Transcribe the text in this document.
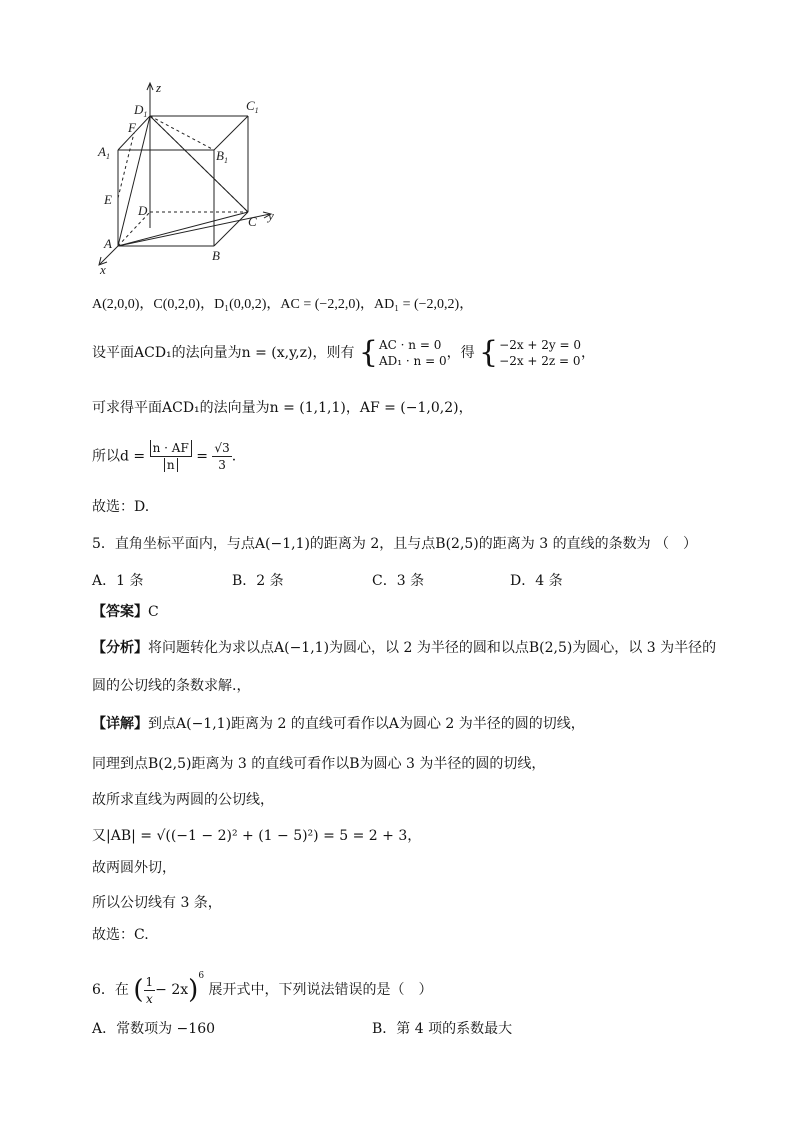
z
y
x
$D_1$
$C_1$
F
$A_1$	$B_1$
E
D
C
A
B
A(2,0,0)，C(0,2,0)，D₁(0,0,2)，AC = (−2,2,0)，AD₁ = (−2,0,2)，
设平面ACD₁的法向量为n = (x,y,z)，则有 { AC · n = 0
AD₁ · n = 0 ，得 { −2x + 2y = 0
−2x + 2z = 0 ，
可求得平面ACD₁的法向量为n = (1,1,1)，AF = (−1,0,2)，
所以$d = \frac{n \cdot AF}{n} = \frac{√3}{3}$ .
故选：D.
5．直角坐标平面内，与点A(−1,1)的距离为 2，且与点B(2,5)的距离为 3 的直线的条数为 （　）
A．1 条	B．2 条	C．3 条	D．4 条
【答案】C
【分析】将问题转化为求以点A(−1,1)为圆心，以 2 为半径的圆和以点B(2,5)为圆心，以 3 为半径的
圆的公切线的条数求解.，
【详解】到点A(−1,1)距离为 2 的直线可看作以A为圆心 2 为半径的圆的切线，
同理到点B(2,5)距离为 3 的直线可看作以B为圆心 3 为半径的圆的切线，
故所求直线为两圆的公切线，
又|AB| = √((−1 − 2)² + (1 − 5)²) = 5 = 2 + 3，
故两圆外切，
所以公切线有 3 条，
故选：C.
6．在 ( $\frac{1}{x} - 2x)^6$ 展开式中，下列说法错误的是（　）
A．常数项为 −160	B．第 4 项的系数最大
